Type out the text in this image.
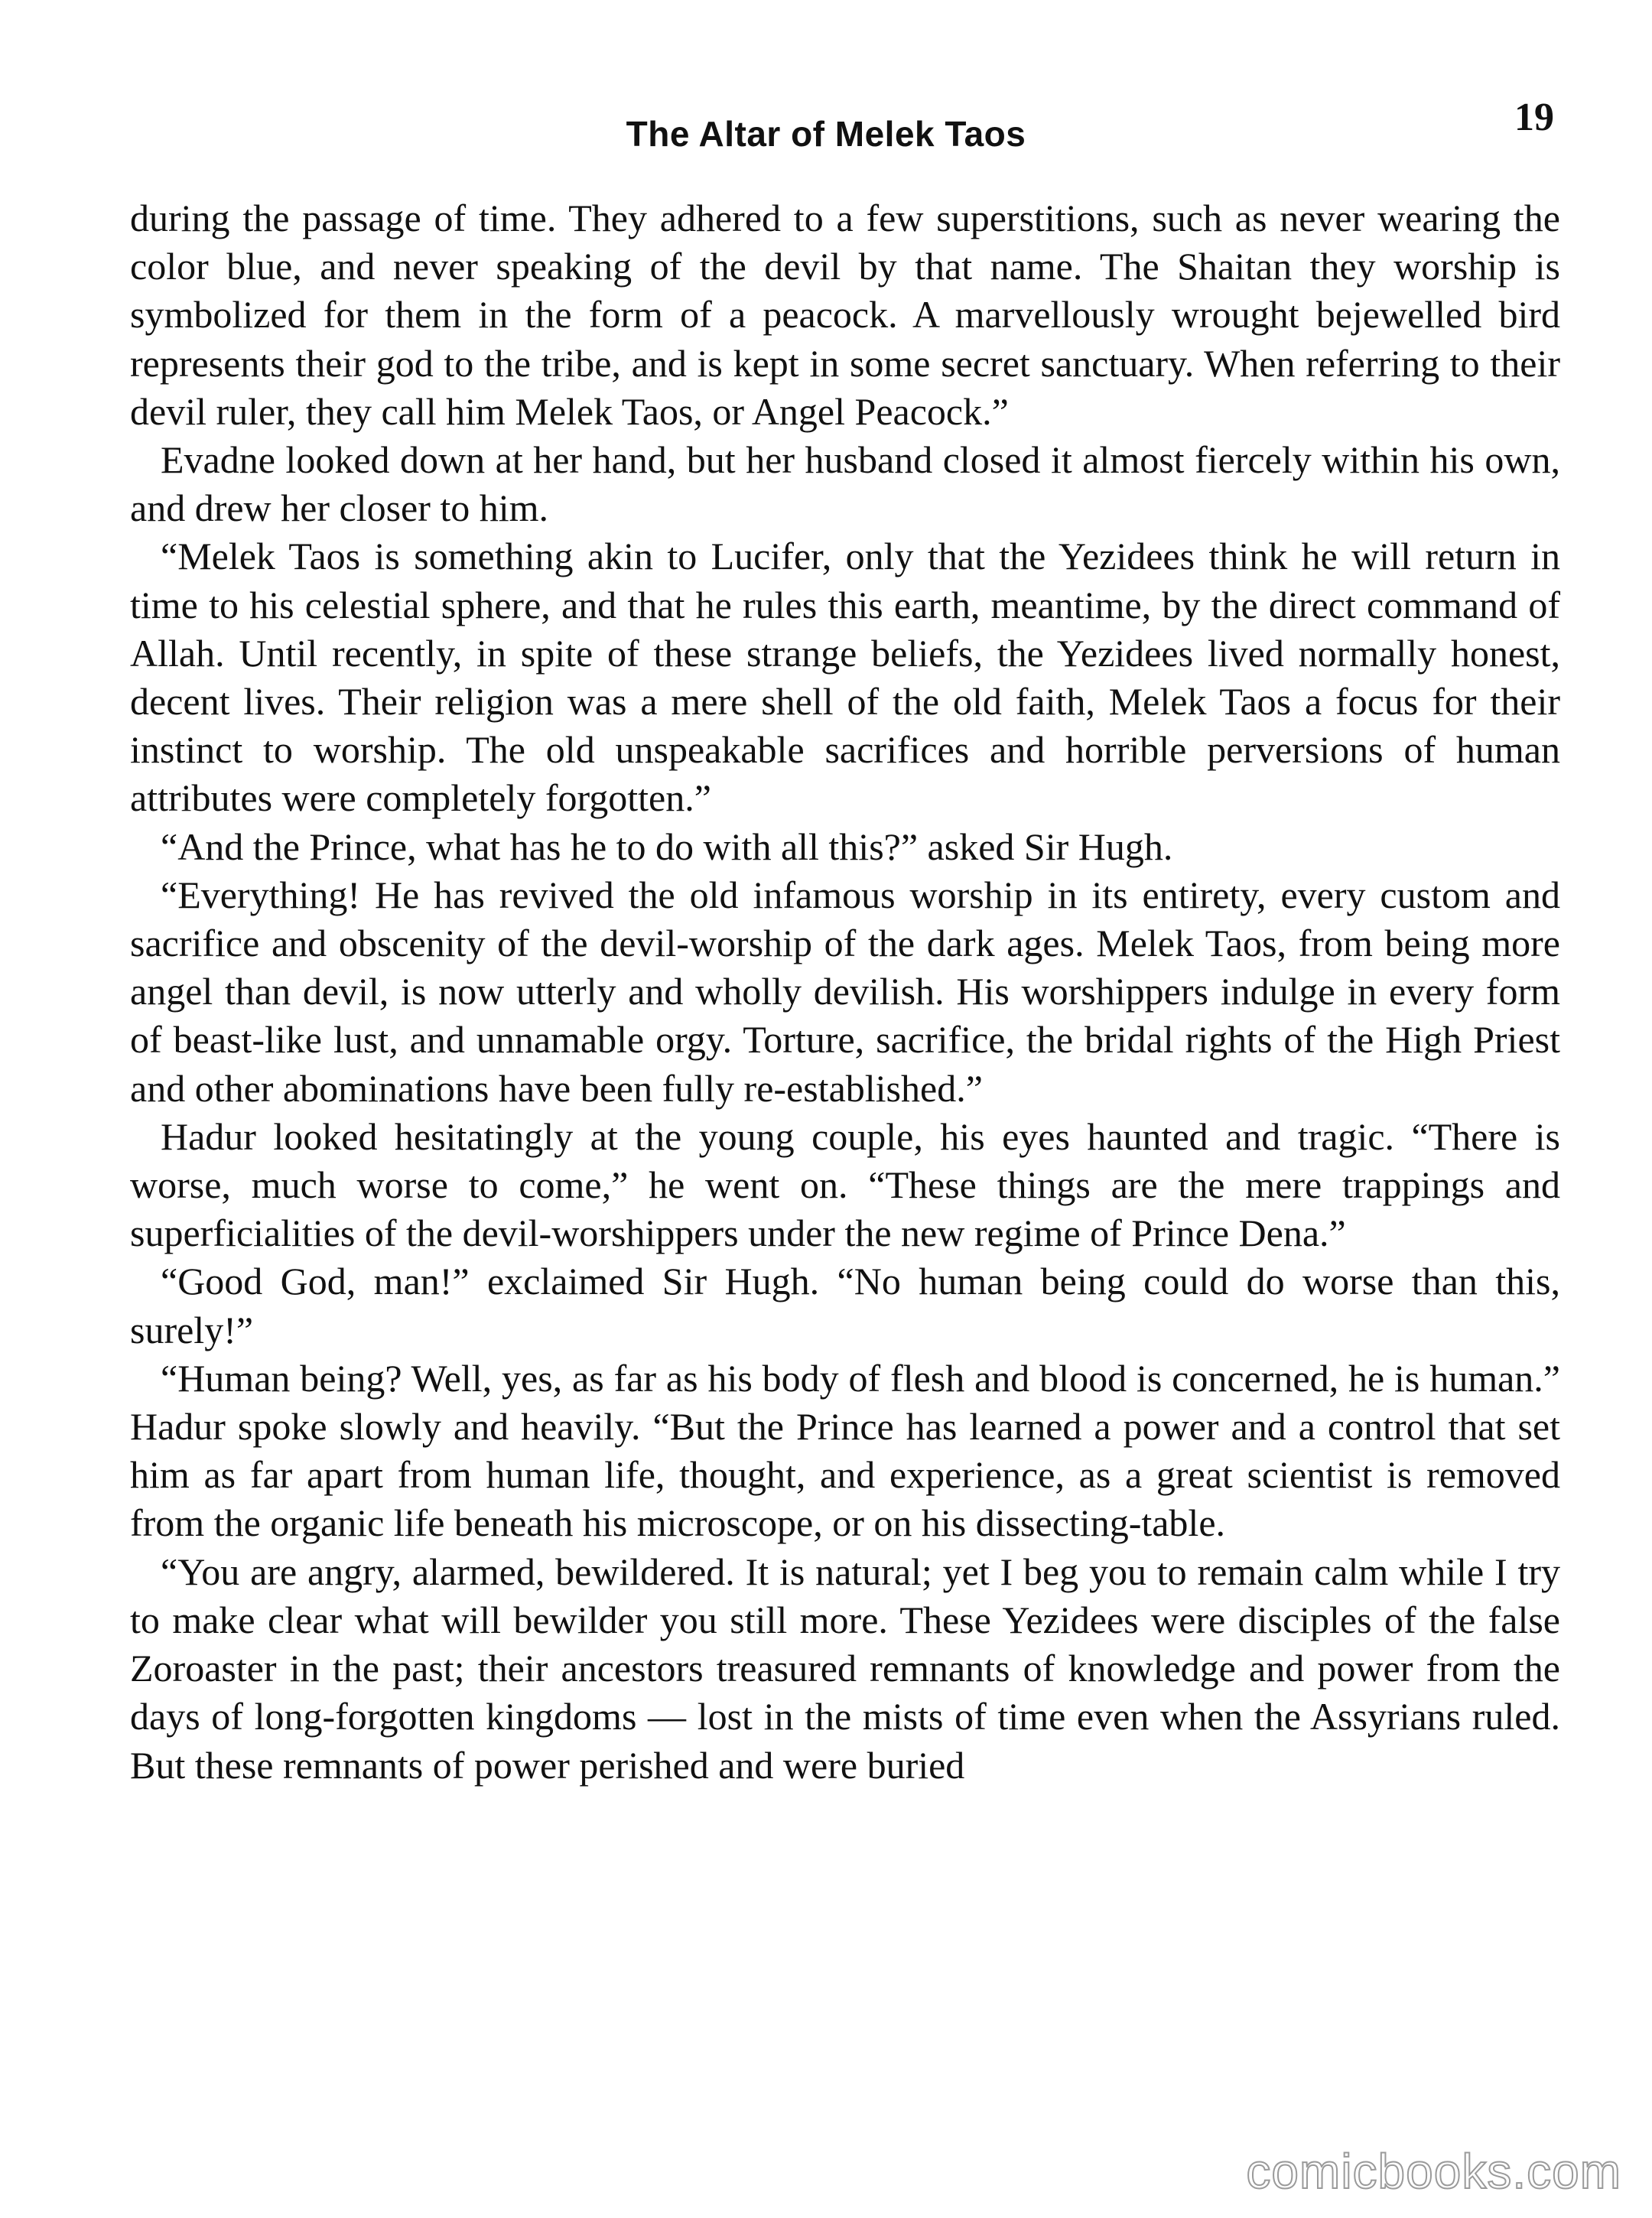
The Altar of Melek Taos	19

during the passage of time. They adhered to a few superstitions, such as never wearing the color blue, and never speaking of the devil by that name. The Shaitan they worship is symbolized for them in the form of a peacock. A marvellously wrought bejewelled bird represents their god to the tribe, and is kept in some secret sanctuary. When referring to their devil ruler, they call him Melek Taos, or Angel Peacock.”

Evadne looked down at her hand, but her husband closed it almost fiercely within his own, and drew her closer to him.

“Melek Taos is something akin to Lucifer, only that the Yezidees think he will return in time to his celestial sphere, and that he rules this earth, meantime, by the direct command of Allah. Until recently, in spite of these strange beliefs, the Yezidees lived normally honest, decent lives. Their religion was a mere shell of the old faith, Melek Taos a focus for their instinct to worship. The old unspeakable sacrifices and horrible perversions of human attributes were completely forgotten.”

“And the Prince, what has he to do with all this?” asked Sir Hugh.

“Everything! He has revived the old infamous worship in its entirety, every custom and sacrifice and obscenity of the devil-worship of the dark ages. Melek Taos, from being more angel than devil, is now utterly and wholly devilish. His worshippers indulge in every form of beast-like lust, and unnamable orgy. Torture, sacrifice, the bridal rights of the High Priest and other abominations have been fully re-established.”

Hadur looked hesitatingly at the young couple, his eyes haunted and tragic. “There is worse, much worse to come,” he went on. “These things are the mere trappings and superficialities of the devil-worshippers under the new regime of Prince Dena.”

“Good God, man!” exclaimed Sir Hugh. “No human being could do worse than this, surely!”

“Human being? Well, yes, as far as his body of flesh and blood is concerned, he is human.” Hadur spoke slowly and heavily. “But the Prince has learned a power and a control that set him as far apart from human life, thought, and experience, as a great scientist is removed from the organic life beneath his microscope, or on his dissecting-table.

“You are angry, alarmed, bewildered. It is natural; yet I beg you to remain calm while I try to make clear what will bewilder you still more. These Yezidees were disciples of the false Zoroaster in the past; their ancestors treasured remnants of knowledge and power from the days of long-forgotten kingdoms — lost in the mists of time even when the Assyrians ruled. But these remnants of power perished and were buried

comicbooks.com
